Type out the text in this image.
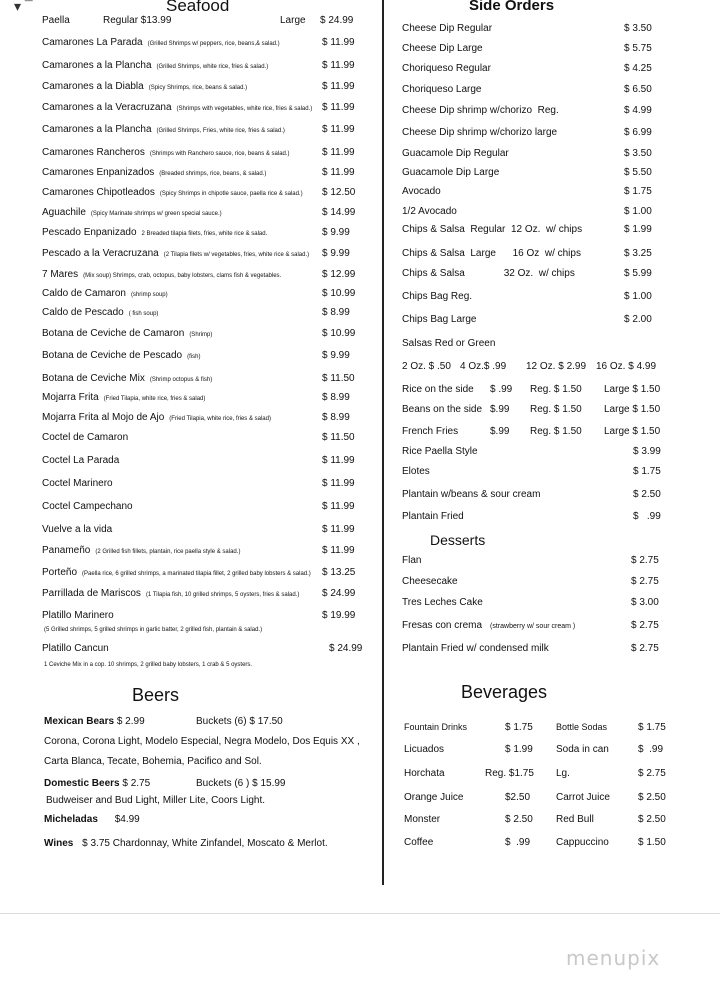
▾ ¯	Seafood
Paella	Regular $13.99	Large $ 24.99
Camarones La Parada (Grilled Shrimps w/ peppers, rice, beans,& salad.)	$ 11.99
Camarones a la Plancha (Grilled Shrimps, white rice, fries & salad.)	$ 11.99
Camarones a la Diabla (Spicy Shrimps, rice, beans & salad.)	$ 11.99
Camarones a la Veracruzana (Shrimps with vegetables, white rice, fries & salad.) $ 11.99
Camarones a la Plancha (Grilled Shrimps, Fries, white rice, fries & salad.)	$ 11.99
Camarones Rancheros (Shrimps with Ranchero sauce, rice, beans & salad.)	$ 11.99
Camarones Enpanizados (Breaded shrimps, rice, beans, & salad.)	$ 11.99
Camarones Chipotleados (Spicy Shrimps in chipotle sauce, paella rice & salad.) $ 12.50
Aguachile (Spicy Marinate shrimps w/ green special sauce.)	$ 14.99
Pescado Enpanizado 2 Breaded tilapia filets, fries, white rice & salad.	$ 9.99
Pescado a la Veracruzana (2 Tilapia filets w/ vegetables, fries, white rice & salad.) $ 9.99
7 Mares (Mix soup) Shrimps, crab, octopus, baby lobsters, clams fish & vegetables.	$ 12.99
Caldo de Camaron (shrimp soup)	$ 10.99
Caldo de Pescado ( fish soup)	$ 8.99
Botana de Ceviche de Camaron (Shrimp)	$ 10.99
Botana de Ceviche de Pescado (fish)	$ 9.99
Botana de Ceviche Mix (Shrimp octopus & fish)	$ 11.50
Mojarra Frita (Fried Tilapia, white rice, fries & salad)	$ 8.99
Mojarra Frita al Mojo de Ajo (Fried Tilapia, white rice, fries & salad)	$ 8.99
Coctel de Camaron	$ 11.50
Coctel La Parada	$ 11.99
Coctel Marinero	$ 11.99
Coctel Campechano	$ 11.99
Vuelve a la vida	$ 11.99
Panameño (2 Grilled fish fillets, plantain, rice paella style & salad.)	$ 11.99
Porteño (Paella rice, 6 grilled shrimps, a marinated tilapia fillet, 2 grilled baby lobsters & salad.) $ 13.25
Parrillada de Mariscos (1 Tilapia fish, 10 grilled shrimps, 5 oysters, fries & salad.) $ 24.99
Platillo Marinero	$ 19.99
(5 Grilled shrimps, 5 grilled shrimps in garlic batter, 2 grilled fish, plantain & salad.)
Platillo Cancun	$ 24.99
1 Ceviche Mix in a cop. 10 shrimps, 2 grilled baby lobsters, 1 crab & 5 oysters.
Beers
Mexican Bears $ 2.99	Buckets (6) $ 17.50
Corona, Corona Light, Modelo Especial, Negra Modelo, Dos Equis XX ,
Carta Blanca, Tecate, Bohemia, Pacifico and Sol.
Domestic Beers $ 2.75	Buckets (6 ) $ 15.99
Budweiser and Bud Light, Miller Lite, Coors Light.
Micheladas $4.99
Wines $ 3.75 Chardonnay, White Zinfandel, Moscato & Merlot.
Side Orders
Cheese Dip Regular	$ 3.50
Cheese Dip Large	$ 5.75
Choriqueso Regular	$ 4.25
Choriqueso Large	$ 6.50
Cheese Dip shrimp w/chorizo  Reg.	$ 4.99
Cheese Dip shrimp w/chorizo large	$ 6.99
Guacamole Dip Regular	$ 3.50
Guacamole Dip Large	$ 5.50
Avocado	$ 1.75
1/2 Avocado	$ 1.00
Chips & Salsa  Regular  12 Oz.  w/ chips	$ 1.99
Chips & Salsa  Large      16 Oz  w/ chips	$ 3.25
Chips & Salsa              32 Oz.  w/ chips	$ 5.99
Chips Bag Reg.	$ 1.00
Chips Bag Large	$ 2.00
Salsas Red or Green
2 Oz. $ .50 4 Oz.$ .99 12 Oz. $ 2.99 16 Oz. $ 4.99
Rice on the side $ .99 Reg. $ 1.50 Large $ 1.50
Beans on the side $.99 Reg. $ 1.50 Large $ 1.50
French Fries	$.99 Reg. $ 1.50 Large $ 1.50
Rice Paella Style	$ 3.99
Elotes	$ 1.75
Plantain w/beans & sour cream	$ 2.50
Plantain Fried	$   .99
Desserts
Flan	$ 2.75
Cheesecake	$ 2.75
Tres Leches Cake	$ 3.00
Fresas con crema (strawberry w/ sour cream )	$ 2.75
Plantain Fried w/ condensed milk	$ 2.75
Beverages
Fountain Drinks	$ 1.75	Bottle Sodas	$ 1.75
Licuados	$ 1.99 Soda in can	$  .99
Horchata	Reg. $1.75 Lg.	$ 2.75
Orange Juice	$2.50	Carrot Juice	$ 2.50
Monster	$ 2.50 Red Bull	$ 2.50
Coffee	$  .99	Cappuccino	$ 1.50
menupix
